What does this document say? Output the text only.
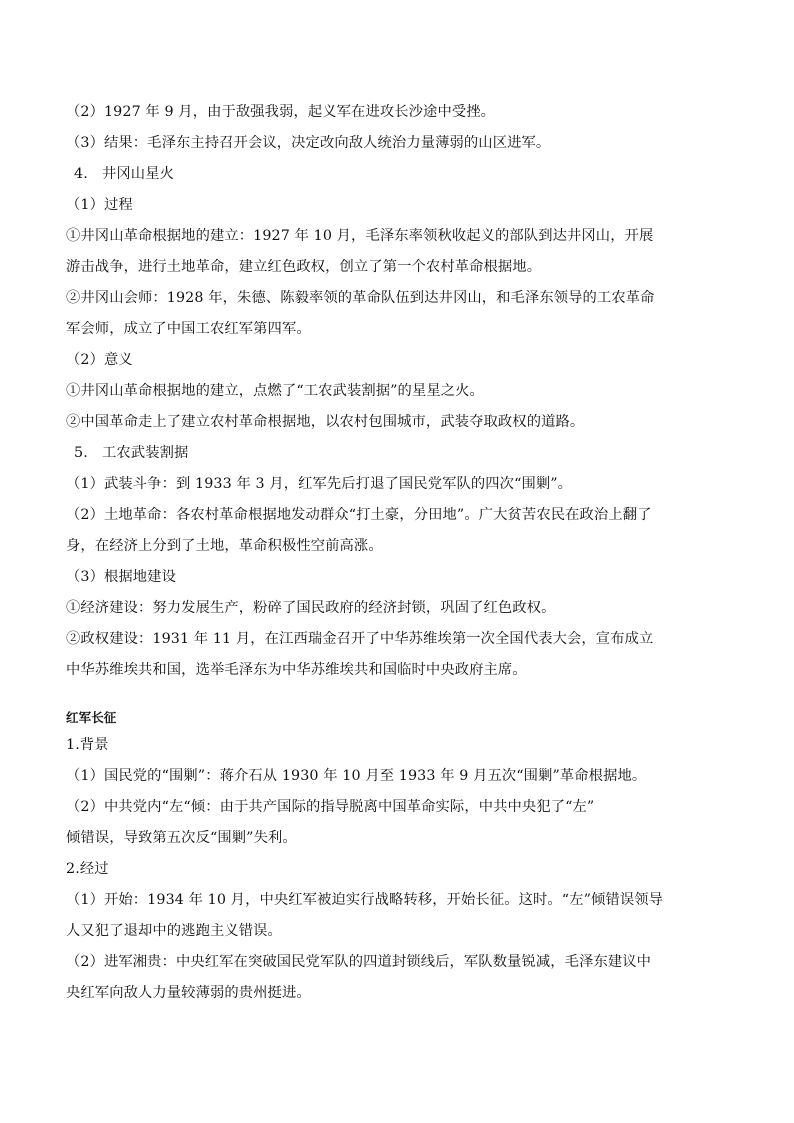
（2）1927 年 9 月，由于敌强我弱，起义军在进攻长沙途中受挫。
（3）结果：毛泽东主持召开会议，决定改向敌人统治力量薄弱的山区进军。
4. 井冈山星火
（1）过程
①井冈山革命根据地的建立：1927 年 10 月，毛泽东率领秋收起义的部队到达井冈山，开展
游击战争，进行土地革命，建立红色政权，创立了第一个农村革命根据地。
②井冈山会师：1928 年，朱德、陈毅率领的革命队伍到达井冈山，和毛泽东领导的工农革命
军会师，成立了中国工农红军第四军。
（2）意义
①井冈山革命根据地的建立，点燃了“工农武装割据”的星星之火。
②中国革命走上了建立农村革命根据地，以农村包围城市，武装夺取政权的道路。
5. 工农武装割据
（1）武装斗争：到 1933 年 3 月，红军先后打退了国民党军队的四次“围剿”。
（2）土地革命：各农村革命根据地发动群众“打土豪，分田地”。广大贫苦农民在政治上翻了
身，在经济上分到了土地，革命积极性空前高涨。
（3）根据地建设
①经济建设：努力发展生产，粉碎了国民政府的经济封锁，巩固了红色政权。
②政权建设：1931 年 11 月，在江西瑞金召开了中华苏维埃第一次全国代表大会，宣布成立
中华苏维埃共和国，选举毛泽东为中华苏维埃共和国临时中央政府主席。
红军长征
1.背景
（1）国民党的“围剿”：蒋介石从 1930 年 10 月至 1933 年 9 月五次“围剿”革命根据地。
（2）中共党内“左“倾：由于共产国际的指导脱离中国革命实际，中共中央犯了“左”
倾错误，导致第五次反“围剿”失利。
2.经过
（1）开始：1934 年 10 月，中央红军被迫实行战略转移，开始长征。这时。“左”倾错误领导
人又犯了退却中的逃跑主义错误。
（2）进军湘贵：中央红军在突破国民党军队的四道封锁线后，军队数量锐减，毛泽东建议中
央红军向敌人力量较薄弱的贵州挺进。
